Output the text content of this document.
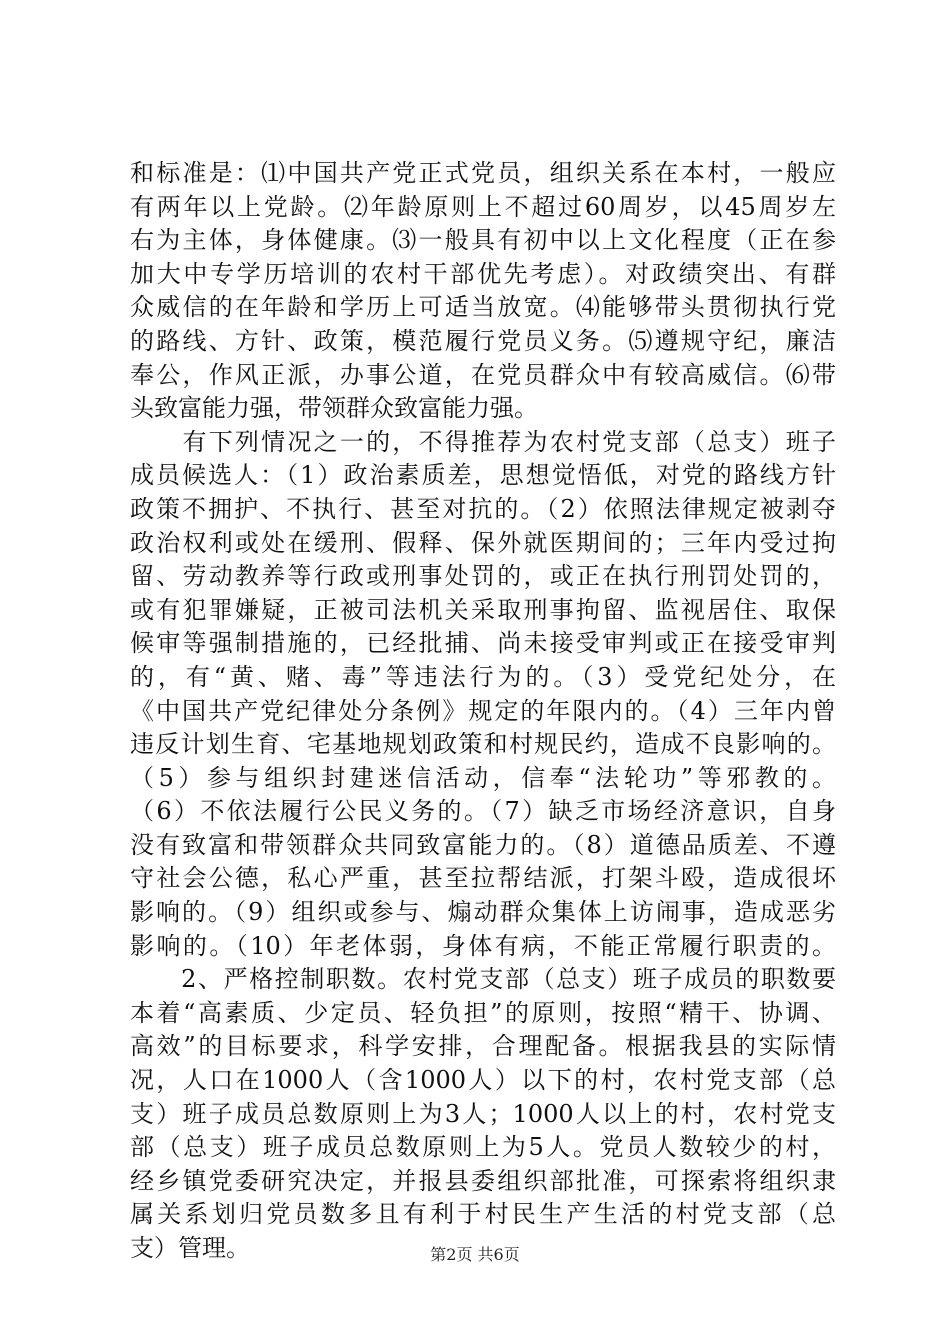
和标准是：⑴中国共产党正式党员，组织关系在本村，一般应
有两年以上党龄。⑵年龄原则上不超过60周岁，以45周岁左
右为主体，身体健康。⑶一般具有初中以上文化程度（正在参
加大中专学历培训的农村干部优先考虑）。对政绩突出、有群
众威信的在年龄和学历上可适当放宽。⑷能够带头贯彻执行党
的路线、方针、政策，模范履行党员义务。⑸遵规守纪，廉洁
奉公，作风正派，办事公道，在党员群众中有较高威信。⑹带
头致富能力强，带领群众致富能力强。
　　有下列情况之一的，不得推荐为农村党支部（总支）班子
成员候选人：（1）政治素质差，思想觉悟低，对党的路线方针
政策不拥护、不执行、甚至对抗的。（2）依照法律规定被剥夺
政治权利或处在缓刑、假释、保外就医期间的；三年内受过拘
留、劳动教养等行政或刑事处罚的，或正在执行刑罚处罚的，
或有犯罪嫌疑，正被司法机关采取刑事拘留、监视居住、取保
候审等强制措施的，已经批捕、尚未接受审判或正在接受审判
的，有“黄、赌、毒”等违法行为的。（3）受党纪处分，在
《中国共产党纪律处分条例》规定的年限内的。（4）三年内曾
违反计划生育、宅基地规划政策和村规民约，造成不良影响的。
（5）参与组织封建迷信活动，信奉“法轮功”等邪教的。
（6）不依法履行公民义务的。（7）缺乏市场经济意识，自身
没有致富和带领群众共同致富能力的。（8）道德品质差、不遵
守社会公德，私心严重，甚至拉帮结派，打架斗殴，造成很坏
影响的。（9）组织或参与、煽动群众集体上访闹事，造成恶劣
影响的。（10）年老体弱，身体有病，不能正常履行职责的。
　　2、严格控制职数。农村党支部（总支）班子成员的职数要
本着“高素质、少定员、轻负担”的原则，按照“精干、协调、
高效”的目标要求，科学安排，合理配备。根据我县的实际情
况，人口在1000人（含1000人）以下的村，农村党支部（总
支）班子成员总数原则上为3人；1000人以上的村，农村党支
部（总支）班子成员总数原则上为5人。党员人数较少的村，
经乡镇党委研究决定，并报县委组织部批准，可探索将组织隶
属关系划归党员数多且有利于村民生产生活的村党支部（总
支）管理。	第2页 共6页
